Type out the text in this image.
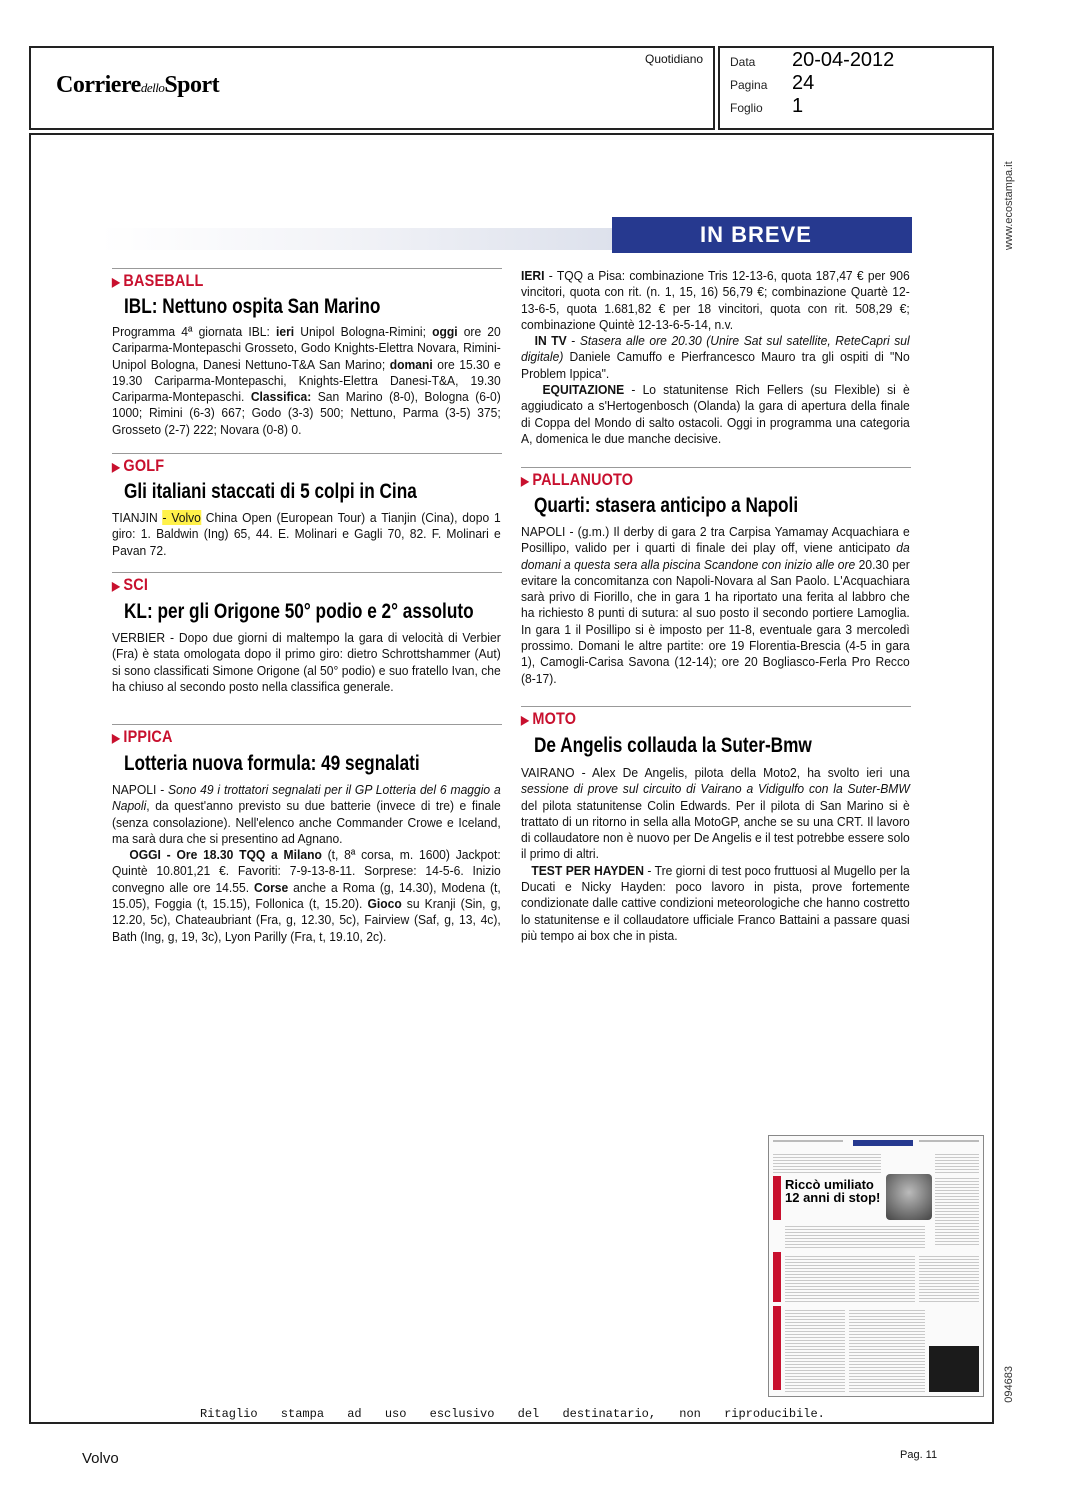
CorrieredelloSport
Quotidiano Data 20-04-2012
Pagina 24
Foglio 1
www.ecostampa.it
094683
IN BREVE
▶ BASEBALL
IBL: Nettuno ospita San Marino
Programma 4ª giornata IBL: ieri Unipol Bologna-Rimini; oggi ore 20 Cariparma-Montepaschi Grosseto, Godo Knights-Elettra Novara, Rimini-Unipol Bologna, Danesi Nettuno-T&A San Marino; domani ore 15.30 e 19.30 Cariparma-Montepaschi, Knights-Elettra Danesi-T&A, 19.30 Cariparma-Montepaschi. Classifica: San Marino (8-0), Bologna (6-0) 1000; Rimini (6-3) 667; Godo (3-3) 500; Nettuno, Parma (3-5) 375; Grosseto (2-7) 222; Novara (0-8) 0.
▶ GOLF
Gli italiani staccati di 5 colpi in Cina
TIANJIN - Volvo China Open (European Tour) a Tianjin (Cina), dopo 1 giro: 1. Baldwin (Ing) 65, 44. E. Molinari e Gagli 70, 82. F. Molinari e Pavan 72.
▶ SCI
KL: per gli Origone 50° podio e 2° assoluto
VERBIER - Dopo due giorni di maltempo la gara di velocità di Verbier (Fra) è stata omologata dopo il primo giro: dietro Schrottshammer (Aut) si sono classificati Simone Origone (al 50° podio) e suo fratello Ivan, che ha chiuso al secondo posto nella classifica generale.
▶ IPPICA
Lotteria nuova formula: 49 segnalati
NAPOLI - Sono 49 i trottatori segnalati per il GP Lotteria del 6 maggio a Napoli, da quest'anno previsto su due batterie (invece di tre) e finale (senza consolazione). Nell'elenco anche Commander Crowe e Iceland, ma sarà dura che si presentino ad Agnano.
OGGI - Ore 18.30 TQQ a Milano (t, 8ª corsa, m. 1600) Jackpot: Quintè 10.801,21 €. Favoriti: 7-9-13-8-11. Sorprese: 14-5-6. Inizio convegno alle ore 14.55. Corse anche a Roma (g, 14.30), Modena (t, 15.05), Foggia (t, 15.15), Follonica (t, 15.20). Gioco su Kranji (Sin, g, 12.20, 5c), Chateaubriant (Fra, g, 12.30, 5c), Fairview (Saf, g, 13, 4c), Bath (Ing, g, 19, 3c), Lyon Parilly (Fra, t, 19.10, 2c).
IERI - TQQ a Pisa: combinazione Tris 12-13-6, quota 187,47 € per 906 vincitori, quota con rit. (n. 1, 15, 16) 56,79 €; combinazione Quartè 12-13-6-5, quota 1.681,82 € per 18 vincitori, quota con rit. 508,29 €; combinazione Quintè 12-13-6-5-14, n.v.
IN TV - Stasera alle ore 20.30 (Unire Sat sul satellite, ReteCapri sul digitale) Daniele Camuffo e Pierfrancesco Mauro tra gli ospiti di "No Problem Ippica".
EQUITAZIONE - Lo statunitense Rich Fellers (su Flexible) si è aggiudicato a s'Hertogenbosch (Olanda) la gara di apertura della finale di Coppa del Mondo di salto ostacoli. Oggi in programma una categoria A, domenica le due manche decisive.
▶ PALLANUOTO
Quarti: stasera anticipo a Napoli
NAPOLI - (g.m.) Il derby di gara 2 tra Carpisa Yamamay Acquachiara e Posillipo, valido per i quarti di finale dei play off, viene anticipato da domani a questa sera alla piscina Scandone con inizio alle ore 20.30 per evitare la concomitanza con Napoli-Novara al San Paolo. L'Acquachiara sarà privo di Fiorillo, che in gara 1 ha riportato una ferita al labbro che ha richiesto 8 punti di sutura: al suo posto il secondo portiere Lamoglia. In gara 1 il Posillipo si è imposto per 11-8, eventuale gara 3 mercoledì prossimo. Domani le altre partite: ore 19 Florentia-Brescia (4-5 in gara 1), Camogli-Carisa Savona (12-14); ore 20 Bogliasco-Ferla Pro Recco (8-17).
▶ MOTO
De Angelis collauda la Suter-Bmw
VAIRANO - Alex De Angelis, pilota della Moto2, ha svolto ieri una sessione di prove sul circuito di Vairano a Vidigulfo con la Suter-BMW del pilota statunitense Colin Edwards. Per il pilota di San Marino si è trattato di un ritorno in sella alla MotoGP, anche se su una CRT. Il lavoro di collaudatore non è nuovo per De Angelis e il test potrebbe essere solo il primo di altri.
TEST PER HAYDEN - Tre giorni di test poco fruttuosi al Mugello per la Ducati e Nicky Hayden: poco lavoro in pista, prove fortemente condizionate dalle cattive condizioni meteorologiche che hanno costretto lo statunitense e il collaudatore ufficiale Franco Battaini a passare quasi più tempo ai box che in pista.
Riccò umiliato
12 anni di stop!
Ritaglio stampa ad uso esclusivo del destinatario, non riproducibile.
Volvo	Pag. 11
